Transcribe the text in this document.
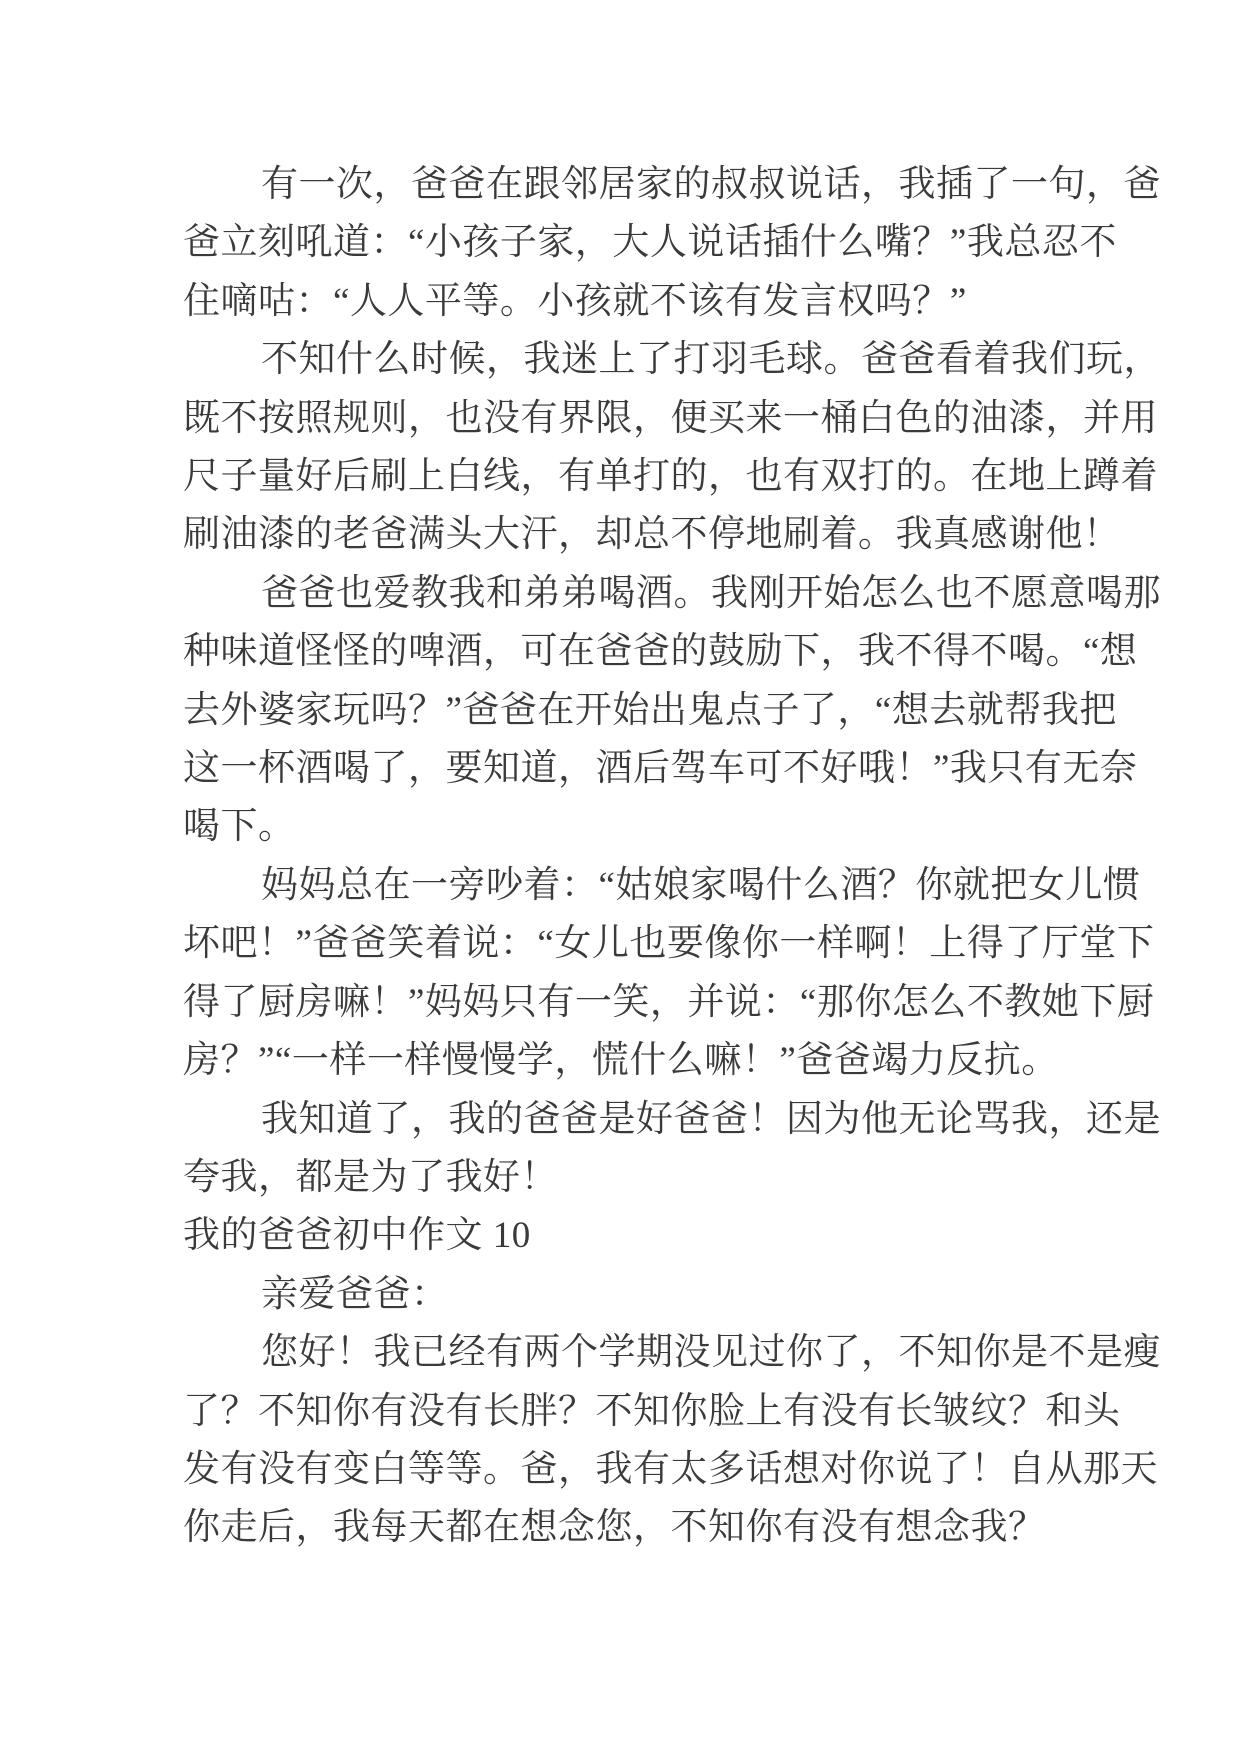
有一次，爸爸在跟邻居家的叔叔说话，我插了一句，爸

爸立刻吼道：“小孩子家，大人说话插什么嘴？”我总忍不

住嘀咕：“人人平等。小孩就不该有发言权吗？”

不知什么时候，我迷上了打羽毛球。爸爸看着我们玩，

既不按照规则，也没有界限，便买来一桶白色的油漆，并用

尺子量好后刷上白线，有单打的，也有双打的。在地上蹲着

刷油漆的老爸满头大汗，却总不停地刷着。我真感谢他！

爸爸也爱教我和弟弟喝酒。我刚开始怎么也不愿意喝那

种味道怪怪的啤酒，可在爸爸的鼓励下，我不得不喝。“想

去外婆家玩吗？”爸爸在开始出鬼点子了，“想去就帮我把

这一杯酒喝了，要知道，酒后驾车可不好哦！”我只有无奈

喝下。

妈妈总在一旁吵着：“姑娘家喝什么酒？你就把女儿惯

坏吧！”爸爸笑着说：“女儿也要像你一样啊！上得了厅堂下

得了厨房嘛！”妈妈只有一笑，并说：“那你怎么不教她下厨

房？”“一样一样慢慢学，慌什么嘛！”爸爸竭力反抗。

我知道了，我的爸爸是好爸爸！因为他无论骂我，还是

夸我，都是为了我好！

我的爸爸初中作文 10

亲爱爸爸：

您好！我已经有两个学期没见过你了，不知你是不是瘦

了？不知你有没有长胖？不知你脸上有没有长皱纹？和头

发有没有变白等等。爸，我有太多话想对你说了！自从那天

你走后，我每天都在想念您，不知你有没有想念我？
